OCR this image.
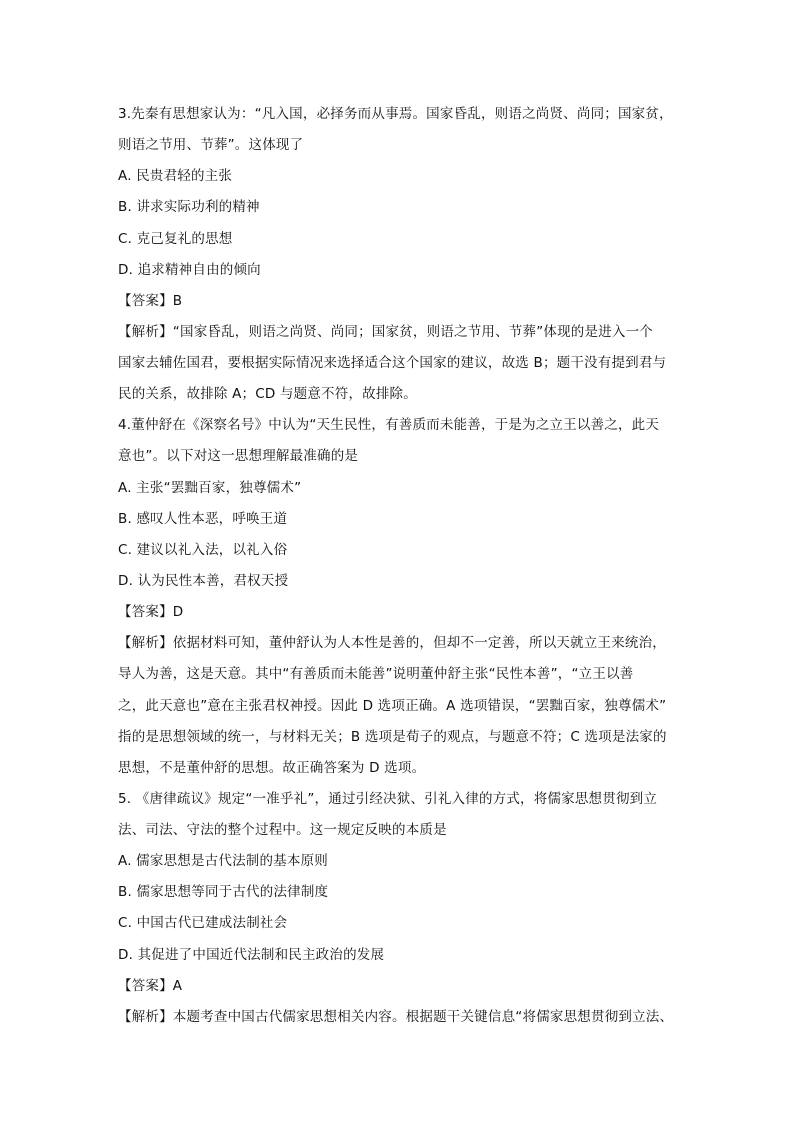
3.先秦有思想家认为：“凡入国，必择务而从事焉。国家昏乱，则语之尚贤、尚同；国家贫，
则语之节用、节葬”。这体现了
A. 民贵君轻的主张
B. 讲求实际功利的精神
C. 克己复礼的思想
D. 追求精神自由的倾向
【答案】B
【解析】“国家昏乱，则语之尚贤、尚同；国家贫，则语之节用、节葬”体现的是进入一个
国家去辅佐国君，要根据实际情况来选择适合这个国家的建议，故选 B；题干没有提到君与
民的关系，故排除 A；CD 与题意不符，故排除。
4.董仲舒在《深察名号》中认为“天生民性，有善质而未能善，于是为之立王以善之，此天
意也”。以下对这一思想理解最准确的是
A. 主张“罢黜百家，独尊儒术”
B. 感叹人性本恶，呼唤王道
C. 建议以礼入法，以礼入俗
D. 认为民性本善，君权天授
【答案】D
【解析】依据材料可知，董仲舒认为人本性是善的，但却不一定善，所以天就立王来统治，
导人为善，这是天意。其中“有善质而未能善”说明董仲舒主张“民性本善”，“立王以善
之，此天意也”意在主张君权神授。因此 D 选项正确。A 选项错误，“罢黜百家，独尊儒术”
指的是思想领域的统一，与材料无关；B 选项是荀子的观点，与题意不符；C 选项是法家的
思想，不是董仲舒的思想。故正确答案为 D 选项。
5. 《唐律疏议》规定“一准乎礼”，通过引经决狱、引礼入律的方式，将儒家思想贯彻到立
法、司法、守法的整个过程中。这一规定反映的本质是
A. 儒家思想是古代法制的基本原则
B. 儒家思想等同于古代的法律制度
C. 中国古代已建成法制社会
D. 其促进了中国近代法制和民主政治的发展
【答案】A
【解析】本题考查中国古代儒家思想相关内容。根据题干关键信息“将儒家思想贯彻到立法、
